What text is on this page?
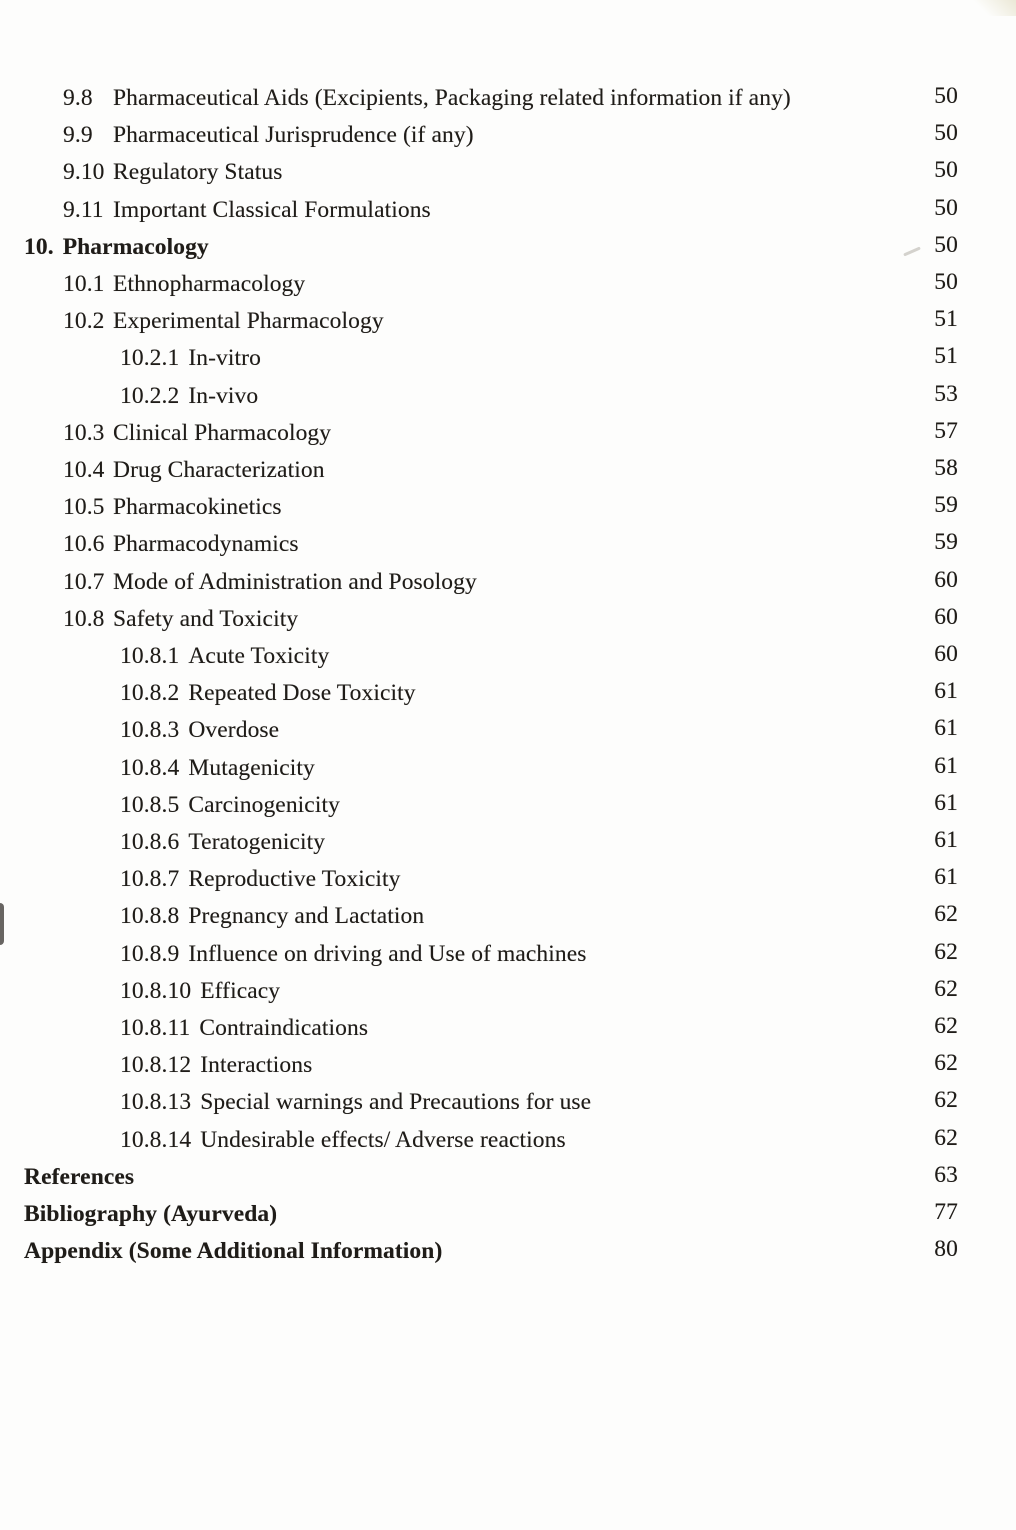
9.8 Pharmaceutical Aids (Excipients, Packaging related information if any)	50
9.9 Pharmaceutical Jurisprudence (if any)	50
9.10 Regulatory Status	50
9.11 Important Classical Formulations	50
10. Pharmacology	50
10.1 Ethnopharmacology	50
10.2 Experimental Pharmacology	51
10.2.1 In-vitro	51
10.2.2 In-vivo	53
10.3 Clinical Pharmacology	57
10.4 Drug Characterization	58
10.5 Pharmacokinetics	59
10.6 Pharmacodynamics	59
10.7 Mode of Administration and Posology	60
10.8 Safety and Toxicity	60
10.8.1 Acute Toxicity	60
10.8.2 Repeated Dose Toxicity	61
10.8.3 Overdose	61
10.8.4 Mutagenicity	61
10.8.5 Carcinogenicity	61
10.8.6 Teratogenicity	61
10.8.7 Reproductive Toxicity	61
10.8.8 Pregnancy and Lactation	62
10.8.9 Influence on driving and Use of machines	62
10.8.10 Efficacy	62
10.8.11 Contraindications	62
10.8.12 Interactions	62
10.8.13 Special warnings and Precautions for use	62
10.8.14 Undesirable effects/ Adverse reactions	62
References	63
Bibliography (Ayurveda)	77
Appendix (Some Additional Information)	80
